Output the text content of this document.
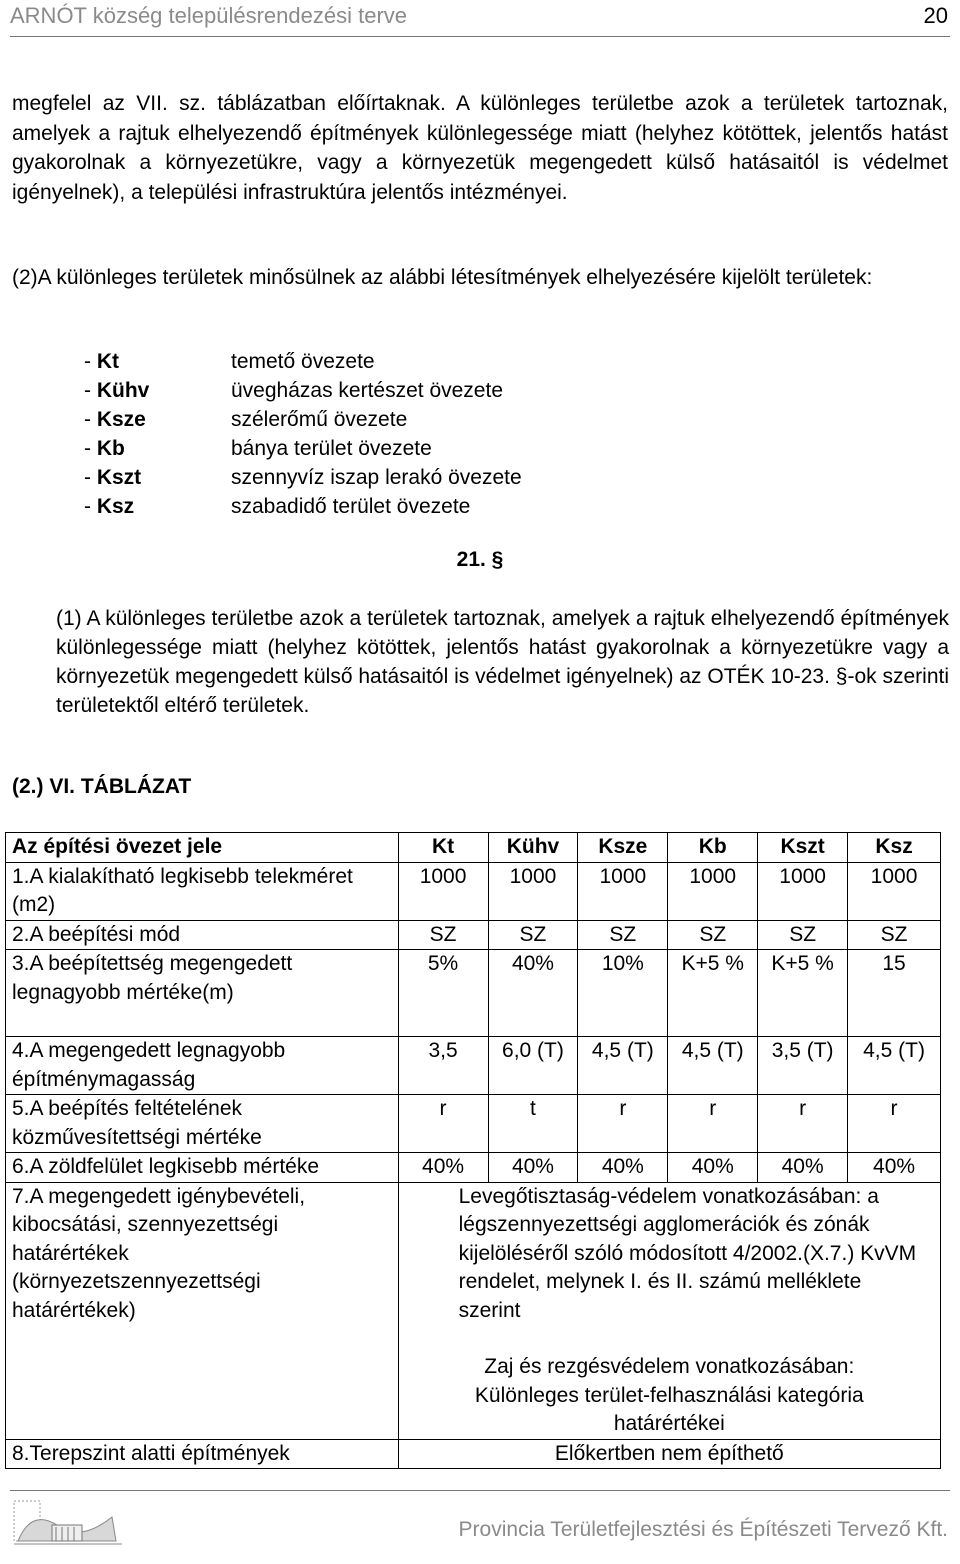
ARNÓT község településrendezési terve	20
megfelel az VII. sz. táblázatban előírtaknak. A különleges területbe azok a területek tartoznak, amelyek a rajtuk elhelyezendő építmények különlegessége miatt (helyhez kötöttek, jelentős hatást gyakorolnak a környezetükre, vagy a környezetük megengedett külső hatásaitól is védelmet igényelnek), a települési infrastruktúra jelentős intézményei.
(2)A különleges területek minősülnek az alábbi létesítmények elhelyezésére kijelölt területek:
- Kt	temető övezete
- Kühv	üvegházas kertészet övezete
- Ksze	szélerőmű övezete
- Kb	bánya terület övezete
- Kszt	szennyvíz iszap lerakó övezete
- Ksz	szabadidő terület övezete
21. §
(1) A különleges területbe azok a területek tartoznak, amelyek a rajtuk elhelyezendő építmények különlegessége miatt (helyhez kötöttek, jelentős hatást gyakorolnak a környezetükre vagy a környezetük megengedett külső hatásaitól is védelmet igényelnek) az OTÉK 10-23. §-ok szerinti területektől eltérő területek.
(2.) VI. TÁBLÁZAT
Az építési övezet jele	Kt	Kühv	Ksze	Kb	Kszt	Ksz
1.A kialakítható legkisebb telekméret (m2)	1000	1000	1000	1000	1000	1000
2.A beépítési mód	SZ	SZ	SZ	SZ	SZ	SZ
3.A beépítettség megengedett legnagyobb mértéke(m)	5%	40%	10%	K+5 %	K+5 %	15
4.A megengedett legnagyobb építménymagasság	3,5	6,0 (T)	4,5 (T)	4,5 (T)	3,5 (T)	4,5 (T)
5.A beépítés feltételének közművesítettségi mértéke	r	t	r	r	r	r
6.A zöldfelület legkisebb mértéke	40%	40%	40%	40%	40%	40%
7.A megengedett igénybevételi, kibocsátási, szennyezettségi határértékek (környezetszennyezettségi határértékek)	Levegőtisztaság-védelem vonatkozásában: a légszennyezettségi agglomerációk és zónák kijelöléséről szóló módosított 4/2002.(X.7.) KvVM rendelet, melynek I. és II. számú melléklete szerint
Zaj és rezgésvédelem vonatkozásában: Különleges terület-felhasználási kategória határértékei					

8.Terepszint alatti építmények	Előkertben nem építhető					
Provincia Területfejlesztési és Építészeti Tervező Kft.
